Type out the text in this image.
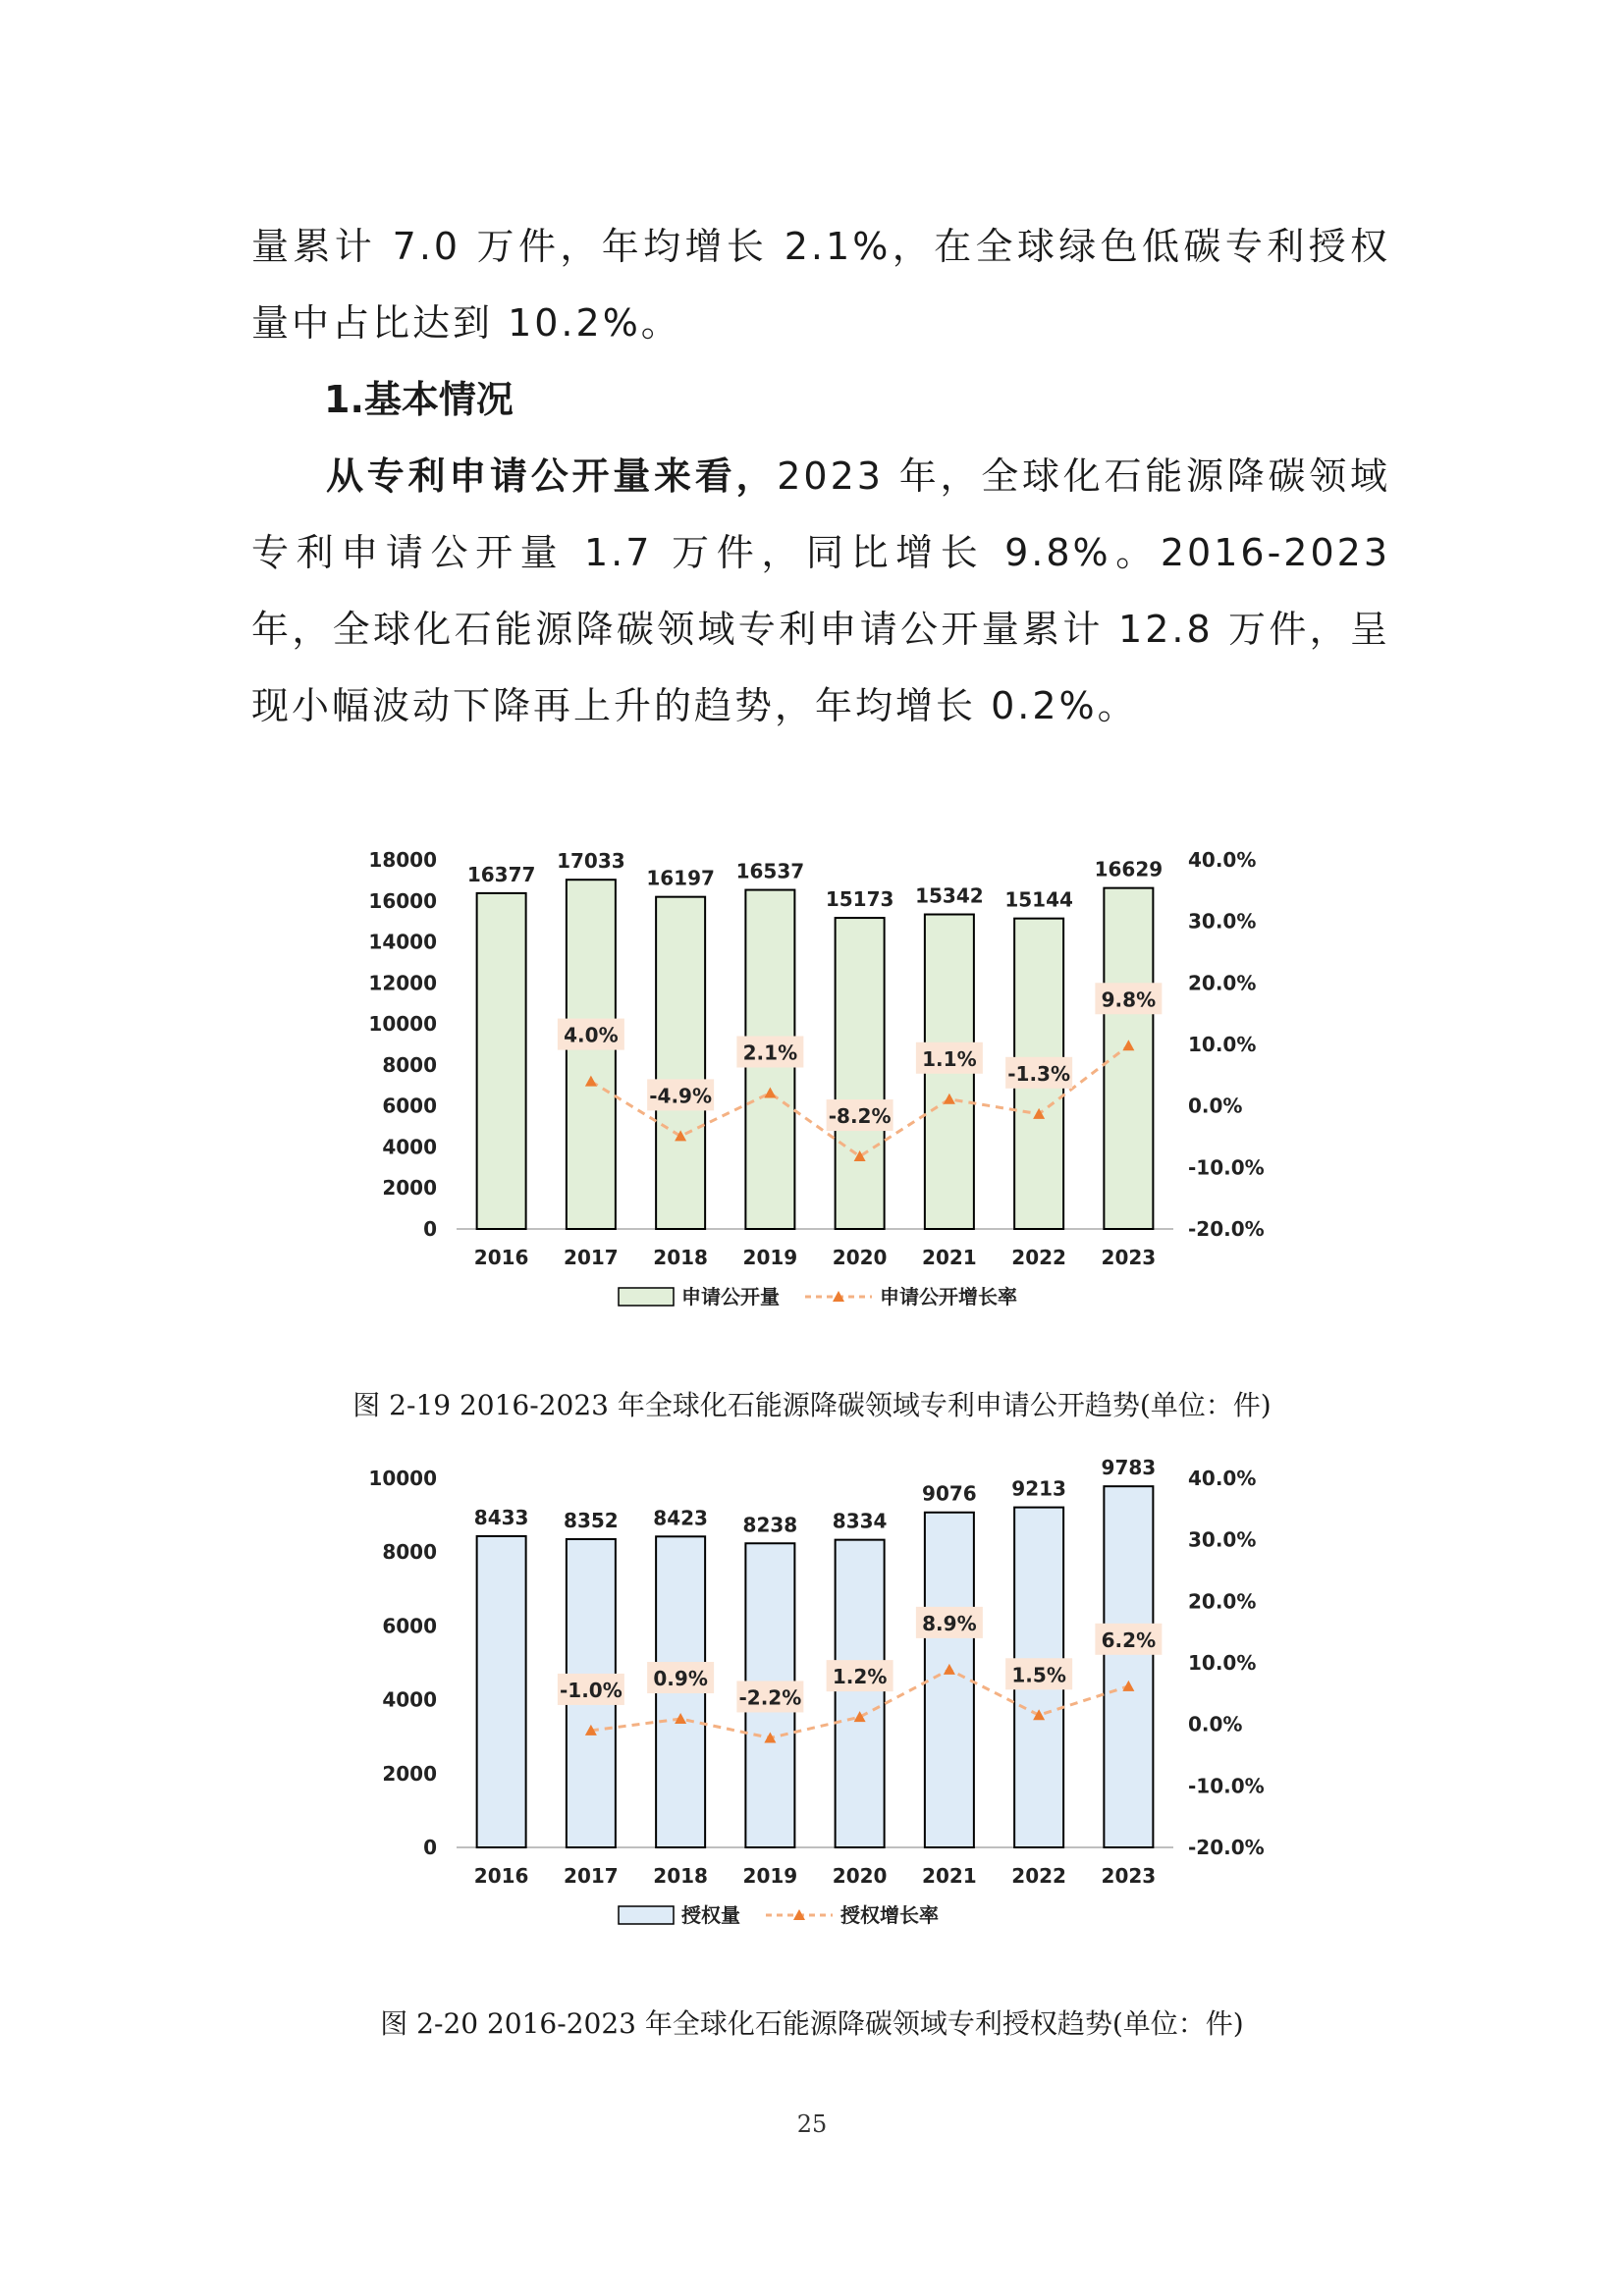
量累计 7.0 万件，年均增长 2.1%，在全球绿色低碳专利授权量中占比达到 10.2%。

1.基本情况

从专利申请公开量来看，2023 年，全球化石能源降碳领域专利申请公开量 1.7 万件，同比增长 9.8%。2016-2023 年，全球化石能源降碳领域专利申请公开量累计 12.8 万件，呈现小幅波动下降再上升的趋势，年均增长 0.2%。

0
2000
4000
6000
8000
10000
12000
14000
16000
18000
-20.0%
-10.0%
0.0%
10.0%
20.0%
30.0%
40.0%
16377
2016
17033
2017
16197
2018
16537
2019
15173
2020
15342
2021
15144
2022
16629
2023
4.0%
-4.9%
2.1%
-8.2%
1.1%
-1.3%
9.8%
申请公开量	申请公开增长率
图 2-19 2016-2023 年全球化石能源降碳领域专利申请公开趋势(单位：件)
0
2000
4000
6000
8000
10000
-20.0%
-10.0%
0.0%
10.0%
20.0%
30.0%
40.0%
8433
2016
8352
2017
8423
2018
8238
2019
8334
2020
9076
2021
9213
2022
9783
2023
-1.0% 0.9%
-2.2%
1.2%
8.9%
1.5%
6.2%
授权量	授权增长率
图 2-20 2016-2023 年全球化石能源降碳领域专利授权趋势(单位：件)
25
